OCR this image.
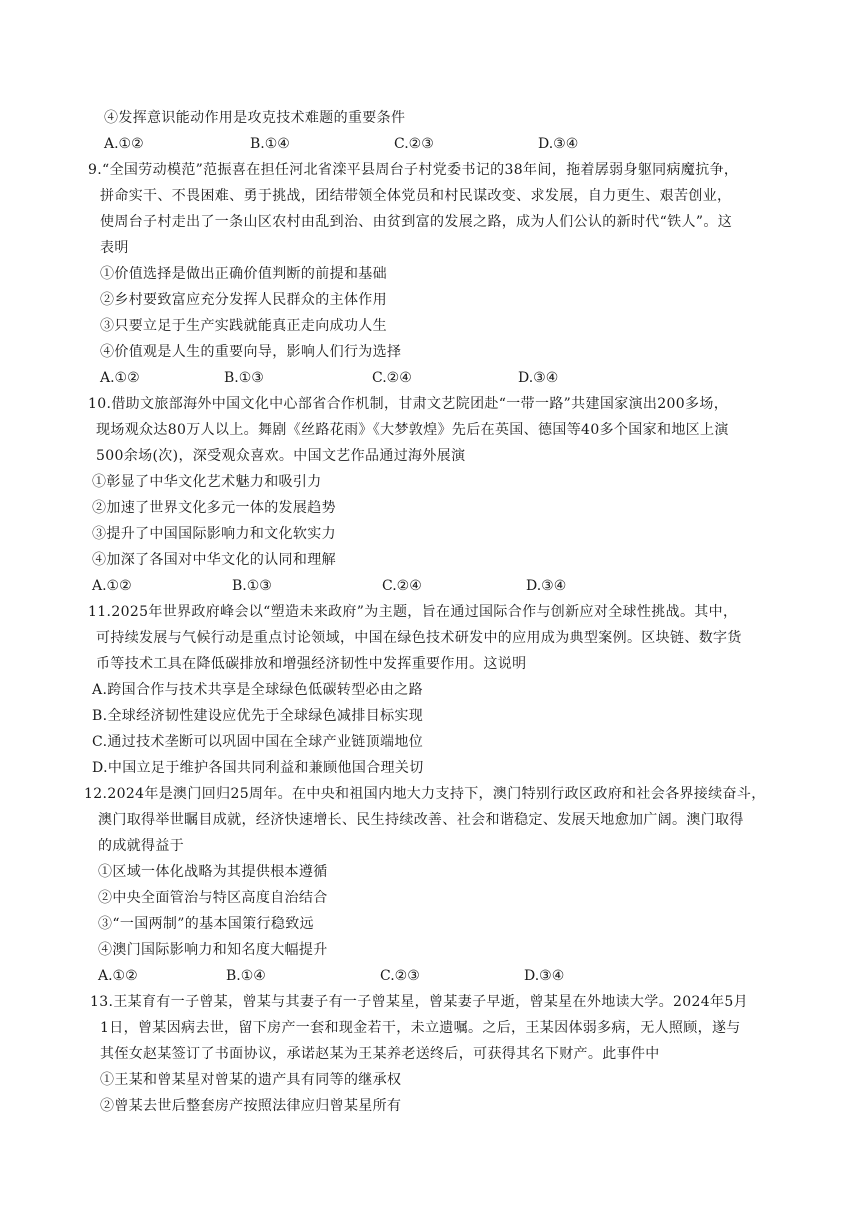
④发挥意识能动作用是攻克技术难题的重要条件
A.①②	B.①④	C.②③	D.③④
9.“全国劳动模范”范振喜在担任河北省滦平县周台子村党委书记的38年间，拖着孱弱身躯同病魔抗争，
拼命实干、不畏困难、勇于挑战，团结带领全体党员和村民谋改变、求发展，自力更生、艰苦创业，
使周台子村走出了一条山区农村由乱到治、由贫到富的发展之路，成为人们公认的新时代“铁人”。这
表明
①价值选择是做出正确价值判断的前提和基础
②乡村要致富应充分发挥人民群众的主体作用
③只要立足于生产实践就能真正走向成功人生
④价值观是人生的重要向导，影响人们行为选择
A.①②	B.①③	C.②④	D.③④
10.借助文旅部海外中国文化中心部省合作机制，甘肃文艺院团赴“一带一路”共建国家演出200多场，
现场观众达80万人以上。舞剧《丝路花雨》《大梦敦煌》先后在英国、德国等40多个国家和地区上演
500余场(次)，深受观众喜欢。中国文艺作品通过海外展演
①彰显了中华文化艺术魅力和吸引力
②加速了世界文化多元一体的发展趋势
③提升了中国国际影响力和文化软实力
④加深了各国对中华文化的认同和理解
A.①②	B.①③	C.②④	D.③④
11.2025年世界政府峰会以“塑造未来政府”为主题，旨在通过国际合作与创新应对全球性挑战。其中，
可持续发展与气候行动是重点讨论领域，中国在绿色技术研发中的应用成为典型案例。区块链、数字货
币等技术工具在降低碳排放和增强经济韧性中发挥重要作用。这说明
A.跨国合作与技术共享是全球绿色低碳转型必由之路
B.全球经济韧性建设应优先于全球绿色减排目标实现
C.通过技术垄断可以巩固中国在全球产业链顶端地位
D.中国立足于维护各国共同利益和兼顾他国合理关切
12.2024年是澳门回归25周年。在中央和祖国内地大力支持下，澳门特别行政区政府和社会各界接续奋斗，
澳门取得举世瞩目成就，经济快速增长、民生持续改善、社会和谐稳定、发展天地愈加广阔。澳门取得
的成就得益于
①区域一体化战略为其提供根本遵循
②中央全面管治与特区高度自治结合
③“一国两制”的基本国策行稳致远
④澳门国际影响力和知名度大幅提升
A.①②	B.①④	C.②③	D.③④
13.王某育有一子曾某，曾某与其妻子有一子曾某星，曾某妻子早逝，曾某星在外地读大学。2024年5月
1日，曾某因病去世，留下房产一套和现金若干，未立遗嘱。之后，王某因体弱多病，无人照顾，遂与
其侄女赵某签订了书面协议，承诺赵某为王某养老送终后，可获得其名下财产。此事件中
①王某和曾某星对曾某的遗产具有同等的继承权
②曾某去世后整套房产按照法律应归曾某星所有
